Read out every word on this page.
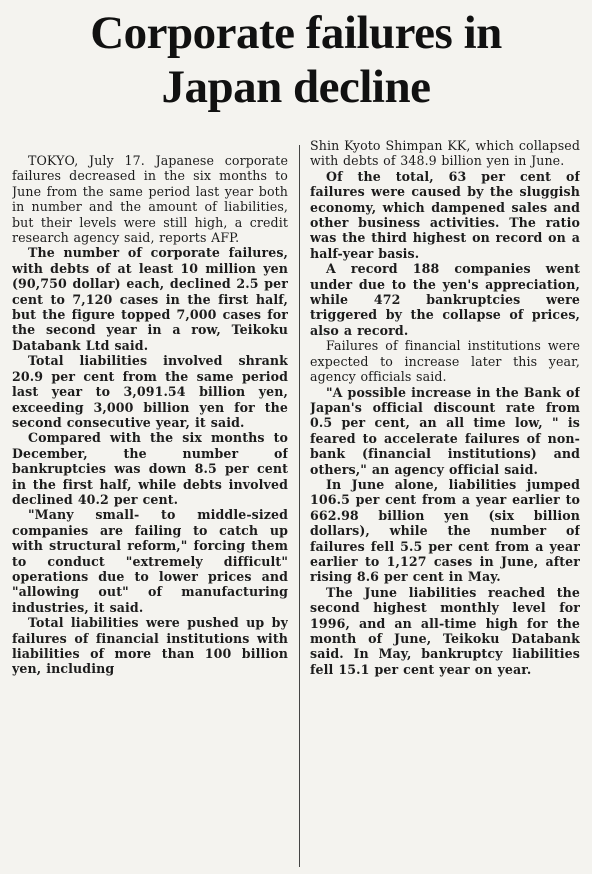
Corporate failures in
Japan decline

TOKYO, July 17. Japanese corporate failures decreased in the six months to June from the same period last year both in number and the amount of liabilities, but their levels were still high, a credit research agency said, reports AFP.

The number of corporate failures, with debts of at least 10 million yen (90,750 dollar) each, declined 2.5 per cent to 7,120 cases in the first half, but the figure topped 7,000 cases for the second year in a row, Teikoku Databank Ltd said.

Total liabilities involved shrank 20.9 per cent from the same period last year to 3,091.54 billion yen, exceeding 3,000 billion yen for the second consecutive year, it said.

Compared with the six months to December, the number of bankruptcies was down 8.5 per cent in the first half, while debts involved declined 40.2 per cent.

"Many small- to middle-sized companies are failing to catch up with structural reform," forcing them to conduct "extremely difficult" operations due to lower prices and "allowing out" of manufacturing industries, it said.

Total liabilities were pushed up by failures of financial institutions with liabilities of more than 100 billion yen, including

Shin Kyoto Shimpan KK, which collapsed with debts of 348.9 billion yen in June.

Of the total, 63 per cent of failures were caused by the sluggish economy, which dampened sales and other business activities. The ratio was the third highest on record on a half-year basis.

A record 188 companies went under due to the yen's appreciation, while 472 bankruptcies were triggered by the collapse of prices, also a record.

Failures of financial institutions were expected to increase later this year, agency officials said.

"A possible increase in the Bank of Japan's official discount rate from 0.5 per cent, an all time low, " is feared to accelerate failures of non-bank (financial institutions) and others," an agency official said.

In June alone, liabilities jumped 106.5 per cent from a year earlier to 662.98 billion yen (six billion dollars), while the number of failures fell 5.5 per cent from a year earlier to 1,127 cases in June, after rising 8.6 per cent in May.

The June liabilities reached the second highest monthly level for 1996, and an all-time high for the month of June, Teikoku Databank said. In May, bankruptcy liabilities fell 15.1 per cent year on year.
